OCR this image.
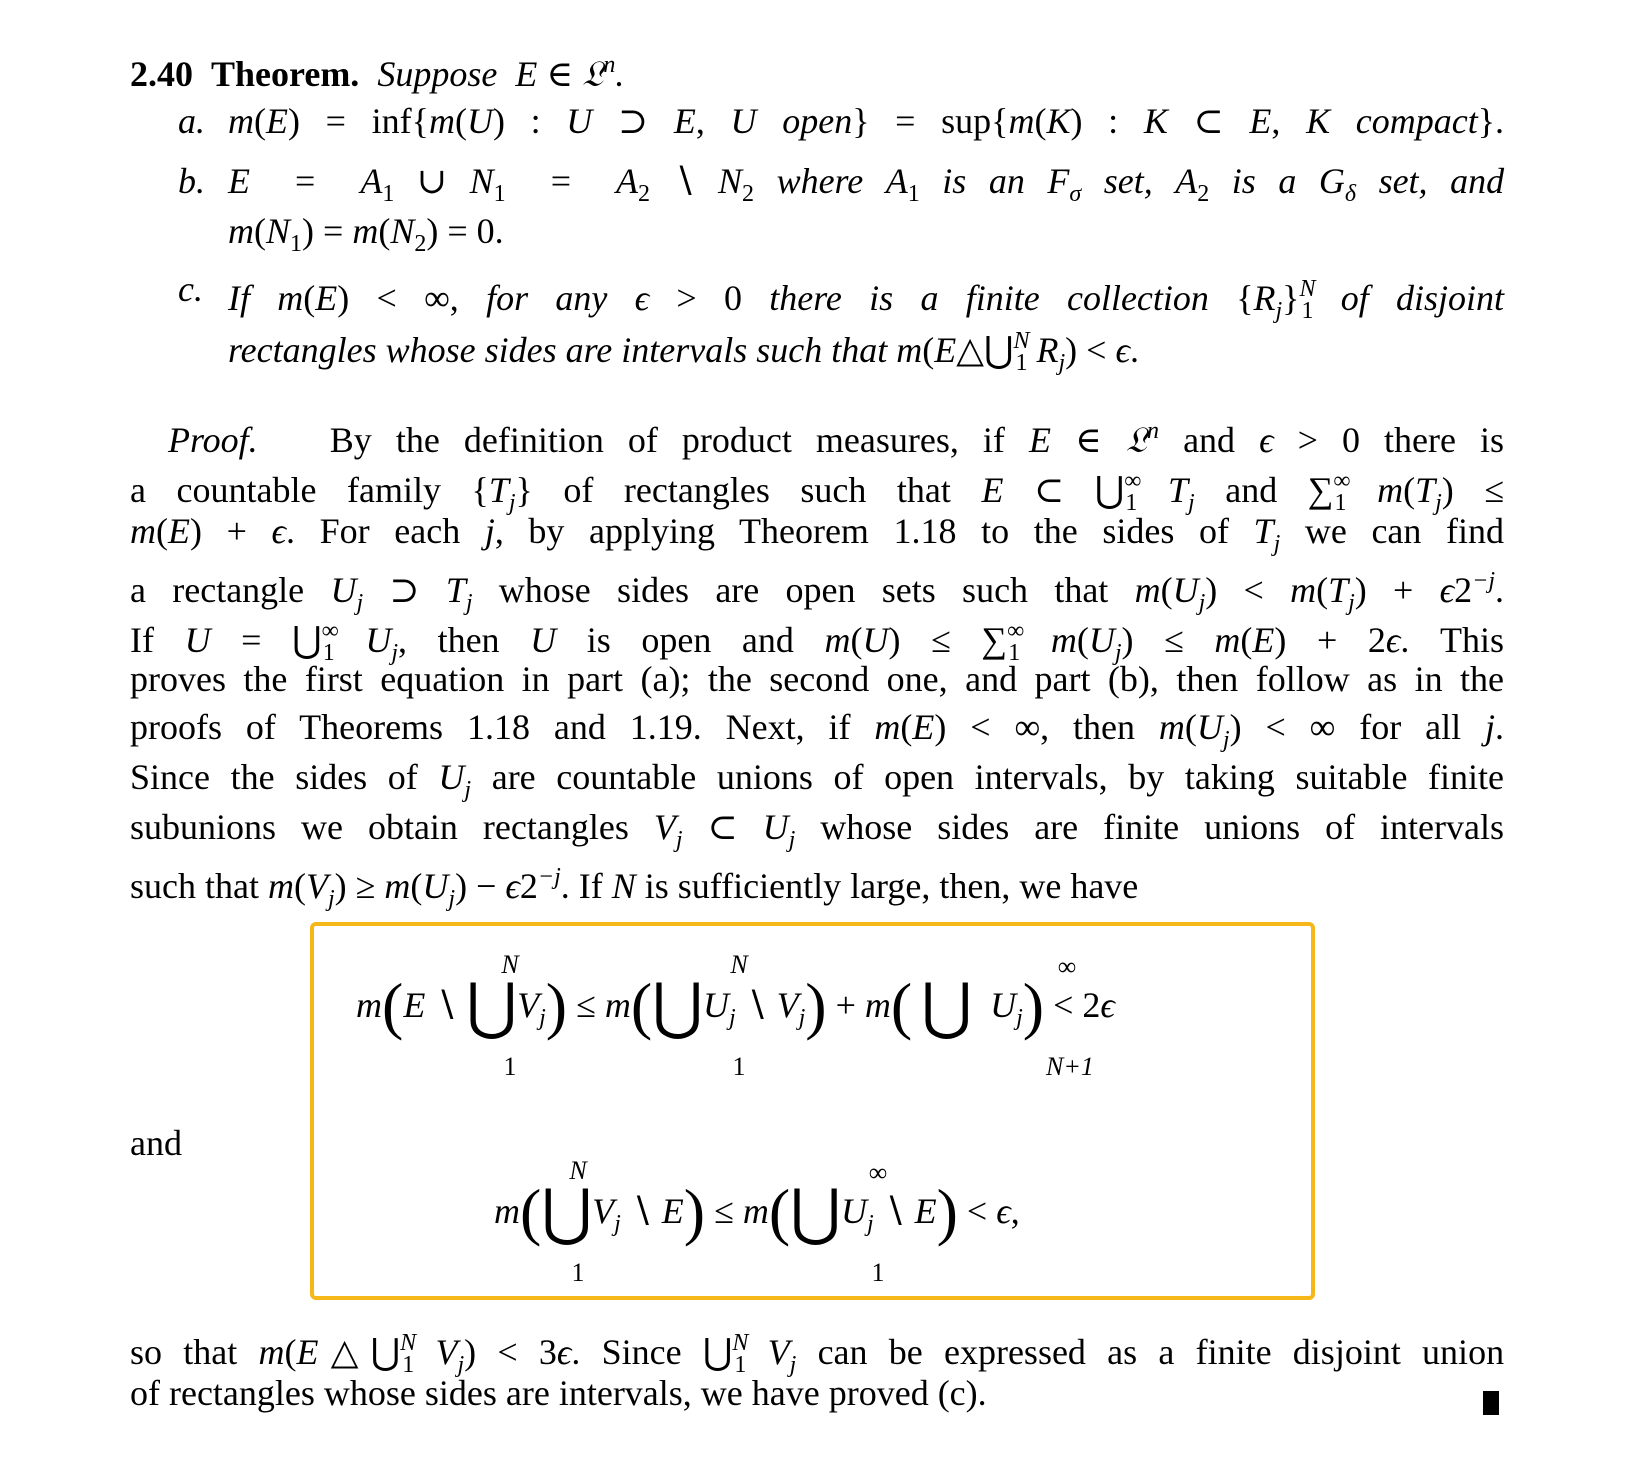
2.40 Theorem. Suppose  E ∈ 𝔏$^n$.
a. m(E) = inf{m(U) : U ⊃ E, U open} = sup{m(K) : K ⊂ E, K compact}.
b. $E = A_1$ ∪ $N_1 = A_2$ ∖ $N_2$ where $A_1$ is an $F_\sigma$ set, $A_2$ is a $G_\delta$ set, and
$m(N_1) = m(N_2) = 0$.
c. If m(E) < ∞, for any ϵ > 0 there is a finite collection $\{R_j\}^N_1$ of disjoint
rectangles whose sides are intervals such that m(E△⋃$^N_1$ $R_j) < \epsilon$.
Proof. By the definition of product measures, if E ∈ 𝔏$^n$ and ϵ > 0 there is
a countable family $\{T_j\}$ of rectangles such that E ⊂ $⋃^\infty_1$ $T_j$ and $\sum^\infty_1$ $m(T_j)$ ≤
m(E) + ϵ. For each j, by applying Theorem 1.18 to the sides of $T_j$ we can find
a rectangle $U_j$ ⊃ $T_j$ whose sides are open sets such that $m(U_j) < m(T_j) + \epsilon 2^{-j}$.
If $U = ⋃^\infty_1$ $U_j$, then U is open and $m(U) \le \sum^\infty_1$ $m(U_j) \le m(E) + 2\epsilon$. This
proves the first equation in part (a); the second one, and part (b), then follow as in the
proofs of Theorems 1.18 and 1.19. Next, if m(E) < ∞, then $m(U_j)$ < ∞ for all j.
Since the sides of $U_j$ are countable unions of open intervals, by taking suitable finite
subunions we obtain rectangles $V_j$ ⊂ $U_j$ whose sides are finite unions of intervals
such that $m(V_j) \ge m(U_j) - \epsilon 2^{-j}$. If N is sufficiently large, then, we have
m(E ∖ $⋃V_j$) ≤ $m(⋃U_j$ ∖ $V_j) + m$( ⋃ $U_j) < 2\epsilon$
N
1
N
1
∞
N+1
and
$m(⋃V_j$ ∖ $E) \le m(⋃U_j$ ∖ E) < ϵ,
N
1
∞
1
so that m(E△⋃$^N_1$ $V_j) < 3\epsilon$. Since ⋃$^N_1$ $V_j$ can be expressed as a finite disjoint union
of rectangles whose sides are intervals, we have proved (c).
